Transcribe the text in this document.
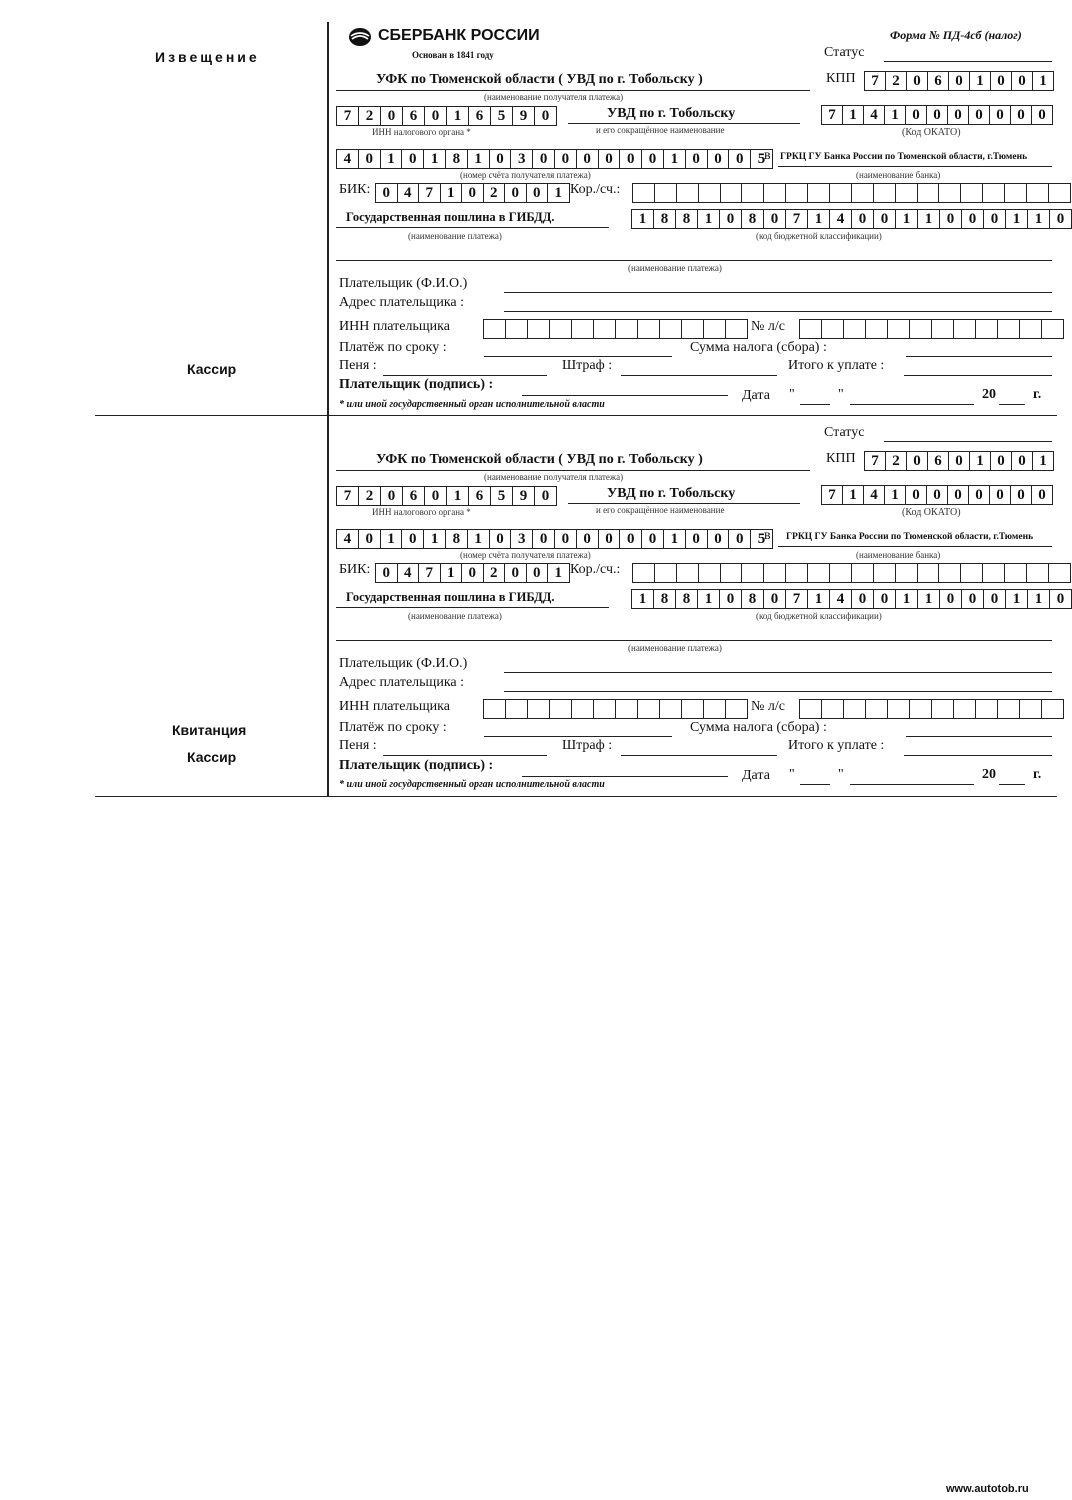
СБЕРБАНК РОССИИ
Основан в 1841 году
Форма № ПД-4сб (налог)
Извещение
Кассир
Квитанция
Кассир
Статус
УФК по Тюменской области ( УВД по г. Тобольску )
(наименование получателя платежа)
КПП	7 2 0 6 0 1 0 0 1
7 2 0 6 0 1 6 5 9 0
ИНН налогового органа *
УВД по г. Тобольску
и его сокращённое наименование
7 1 4 1 0 0 0 0 0 0 0
(Код ОКАТО)
4 0 1 0 1 8 1 0 3 0 0 0 0 0 0 1 0 0 0 5
в ГРКЦ ГУ Банка России по Тюменской области, г.Тюмень
(номер счёта получателя платежа)	(наименование банка)
БИК: 0 4 7 1 0 2 0 0 1 Кор./сч.:
Государственная пошлина в ГИБДД.
(наименование платежа)
1 8 8 1 0 8 0 7 1 4 0 0 1 1 0 0 0 1 1 0
(код бюджетной классификации)
(наименование платежа)
Плательщик (Ф.И.О.)
Адрес плательщика :
ИНН плательщика	№ л/с
Платёж по сроку :	Сумма налога (сбора) :
Пеня :	Штраф :	Итого к уплате :
Плательщик (подпись) :
Дата "	"	20	г.
* или иной государственный орган исполнительной власти
Статус
УФК по Тюменской области ( УВД по г. Тобольску )
(наименование получателя платежа)
КПП	7 2 0 6 0 1 0 0 1
7 2 0 6 0 1 6 5 9 0
ИНН налогового органа *
УВД по г. Тобольску
и его сокращённое наименование
7 1 4 1 0 0 0 0 0 0 0
(Код ОКАТО)
4 0 1 0 1 8 1 0 3 0 0 0 0 0 0 1 0 0 0 5
в ГРКЦ ГУ Банка России по Тюменской области, г.Тюмень
(номер счёта получателя платежа)	(наименование банка)
БИК: 0 4 7 1 0 2 0 0 1 Кор./сч.:
Государственная пошлина в ГИБДД.
(наименование платежа)
1 8 8 1 0 8 0 7 1 4 0 0 1 1 0 0 0 1 1 0
(код бюджетной классификации)
(наименование платежа)
Плательщик (Ф.И.О.)
Адрес плательщика :
ИНН плательщика	№ л/с
Платёж по сроку :	Сумма налога (сбора) :
Пеня :	Штраф :	Итого к уплате :
Плательщик (подпись) :
Дата "	"	20	г.
* или иной государственный орган исполнительной власти
www.autotob.ru
